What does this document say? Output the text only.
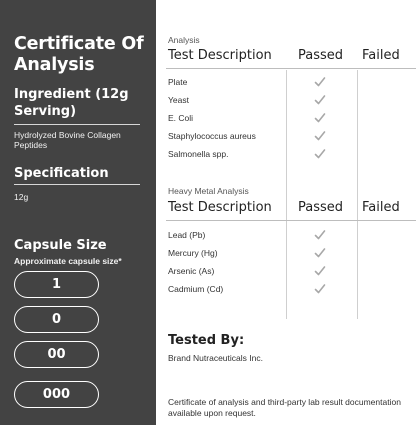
Certificate Of Analysis
Ingredient (12g Serving)
Hydrolyzed Bovine Collagen Peptides
Specification
12g
Capsule Size
Approximate capsule size*
1
0
00
000
Analysis
Test Description Passed Failed
Plate
Yeast
E. Coli
Staphylococcus aureus
Salmonella spp.
Heavy Metal Analysis
Test Description Passed Failed
Lead (Pb)
Mercury (Hg)
Arsenic (As)
Cadmium (Cd)
Tested By:
Brand Nutraceuticals Inc.
Certificate of analysis and third-party lab result documentation available upon request.
